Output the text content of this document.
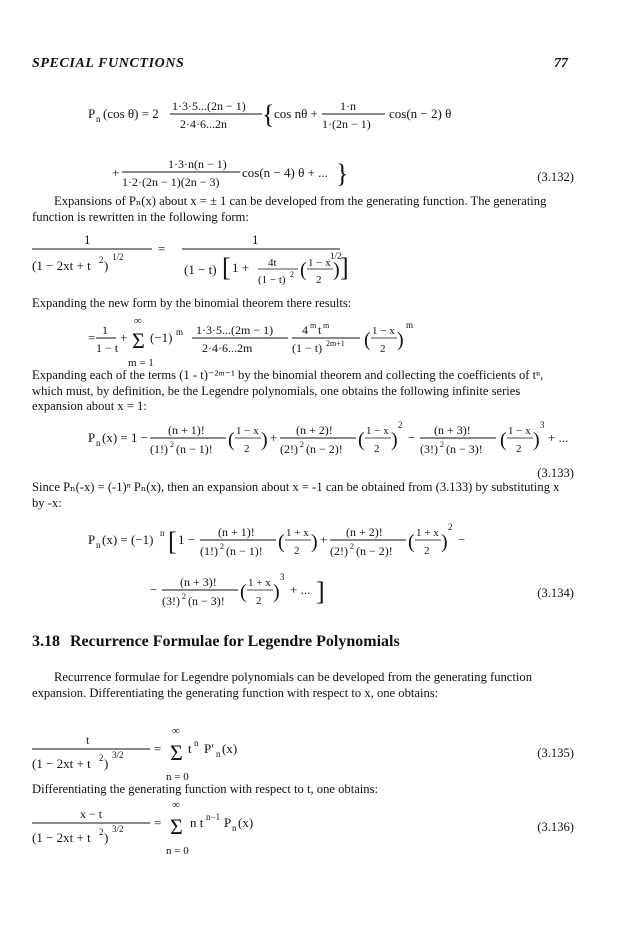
SPECIAL FUNCTIONS	77
P n (cos θ) = 2 1·3·5...(2n − 1)
2·4·6...2n { cos nθ + 1·n
1·(2n − 1)
cos(n − 2) θ
1·3·n(n − 1)
+
1·2·(2n − 1)(2n − 3)
cos(n − 4) θ + ... }	(3.132)

Expansions of Pₙ(x) about x = ± 1 can be developed from the generating function. The generating function is rewritten in the following form:

1
(1 − 2xt + t 2 )
1/2
=
1
(1 − t) [ 1 + 4t
(1 − t) 2 ( 1 − x
2 ) ]
1/2

Expanding the new form by the binomial theorem there results:

= 1
1 − t
+
∞
Σ
m = 1
(−1) m 1·3·5...(2m − 1)
2·4·6...2m
4 m t m
(1 − t) 2m+1 ( 1 − x
2 )
m

Expanding each of the terms (1 - t)⁻²ᵐ⁻¹ by the binomial theorem and collecting the coefficients of tⁿ, which must, by definition, be the Legendre polynomials, one obtains the following infinite series expansion about x = 1:

P n (x) = 1 − (n + 1)!
(1!) 2 (n − 1)! ( 1 − x
2 ) + (n + 2)!
(2!) 2 (n − 2)! ( 1 − x
2 )
2
− (n + 3)!
(3!) 2 (n − 3)! ( 1 − x
2 )
3
+ ...
(3.133)

Since Pₙ(-x) = (-1)ⁿ Pₙ(x), then an expansion about x = -1 can be obtained from (3.133) by substituting x by -x:

P n (x) = (−1) n [ 1 − (n + 1)!
(1!) 2 (n − 1)! ( 1 + x
2 ) + (n + 2)!
(2!) 2 (n − 2)! ( 1 + x
2 )
2
−
− (n + 3)!
(3!) 2 (n − 3)! ( 1 + x
2 )
3
+ ... ]	(3.134)
3.18 Recurrence Formulae for Legendre Polynomials

Recurrence formulae for Legendre polynomials can be developed from the generating function expansion. Differentiating the generating function with respect to x, one obtains:

t
(1 − 2xt + t 2 )
3/2 =
∞
Σ
n = 0
t n P′ n (x)	(3.135)

Differentiating the generating function with respect to t, one obtains:

x − t
(1 − 2xt + t 2 )
3/2 =
∞
Σ
n = 0
n t n−1 P n (x)	(3.136)
